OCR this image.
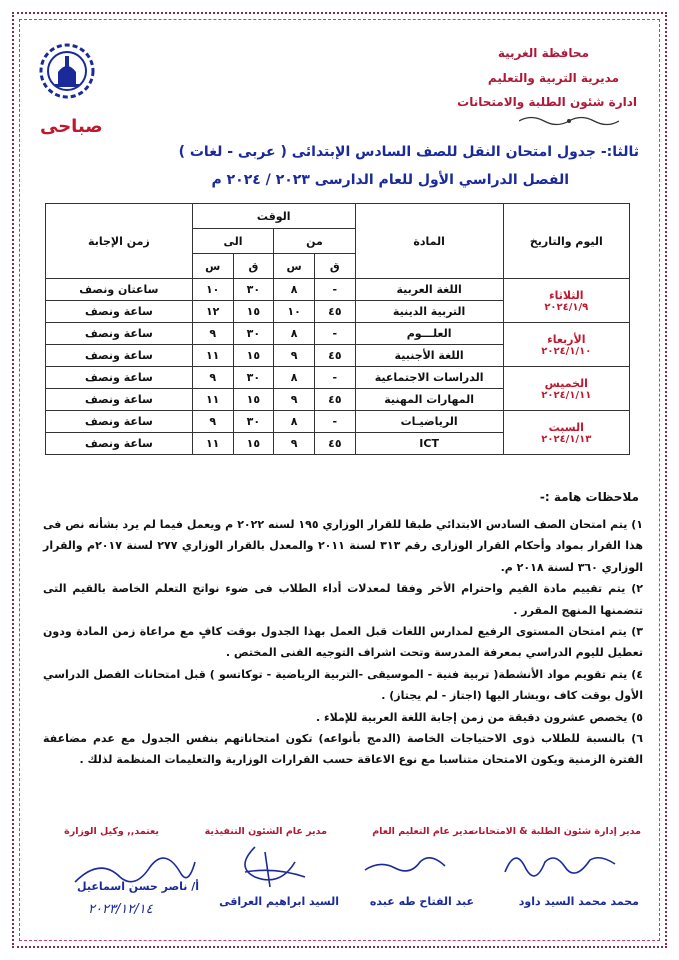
محافظة الغربية
مديرية التربية والتعليم
ادارة شئون الطلبة والامتحانات
صباحى
ثالثا:- جدول امتحان النقل للصف السادس الإبتدائى ( عربى - لغات )
الفصل الدراسي الأول للعام الدارسى ٢٠٢٣ / ٢٠٢٤ م
اليوم والتاريخ	المادة	الوقت				زمن الإجابة
		من		الى		
		ق	س	ق	س	

الثلاثاء
٢٠٢٤/١/٩	اللغة العربية	-	٨	٣٠	١٠	ساعتان ونصف
	التربية الدينية	٤٥	١٠	١٥	١٢	ساعة ونصف

الأربعاء
٢٠٢٤/١/١٠	العلـــوم	-	٨	٣٠	٩	ساعة ونصف
	اللغة الأجنبية	٤٥	٩	١٥	١١	ساعة ونصف

الخميس
٢٠٢٤/١/١١	الدراسات الاجتماعية	-	٨	٣٠	٩	ساعة ونصف
	المهارات المهنية	٤٥	٩	١٥	١١	ساعة ونصف

السبت
٢٠٢٤/١/١٣	الرياضيـات	-	٨	٣٠	٩	ساعة ونصف
	ICT	٤٥	٩	١٥	١١	ساعة ونصف
ملاحظات هامة :-

١) يتم امتحان الصف السادس الابتدائي طبقا للقرار الوزاري ١٩٥ لسنه ٢٠٢٢ م ويعمل فيما لم يرد بشأنه نص فى هذا القرار بمواد وأحكام القرار الوزارى رقم ٣١٣ لسنة ٢٠١١ والمعدل بالقرار الوزاري ٢٧٧ لسنة ٢٠١٧م والقرار الوزاري ٣٦٠ لسنة ٢٠١٨ م.

٢) يتم تقييم مادة القيم واحترام الأخر وفقا لمعدلات أداء الطلاب فى ضوء نواتج التعلم الخاصة بالقيم التى تتضمنها المنهج المقرر .

٣) يتم امتحان المستوى الرفيع لمدارس اللغات قبل العمل بهذا الجدول بوقت كافٍ مع مراعاة زمن المادة ودون تعطيل لليوم الدراسي بمعرفة المدرسة وتحت اشراف التوجيه الفنى المختص .

٤) يتم تقويم مواد الأنشطة( تربية فنية - الموسيقى -التربية الرياضية - توكاتسو ) قبل امتحانات الفصل الدراسي الأول بوقت كاف ،ويشار اليها (اجتاز - لم يجتاز) .

٥) يخصص عشرون دقيقة من زمن إجابة اللغة العربية للإملاء .

٦) بالنسبة للطلاب ذوى الاحتياجات الخاصة (الدمج بأنواعه) تكون امتحاناتهم بنفس الجدول مع عدم مضاعفة الفترة الزمنية ويكون الامتحان متناسبا مع نوع الاعاقة حسب القرارات الوزارية والتعليمات المنظمة لذلك .

مدير إدارة شئون الطلبة & الامتحانات
مدير عام التعليم العام
مدير عام الشئون التنفيذية
يعتمد,, وكيل الوزارة
محمد محمد السيد داود
عبد الفتاح طه عبده
السيد ابراهيم العراقى
أ/ ناصر حسن اسماعيل
٢٠٢٣/١٢/١٤
